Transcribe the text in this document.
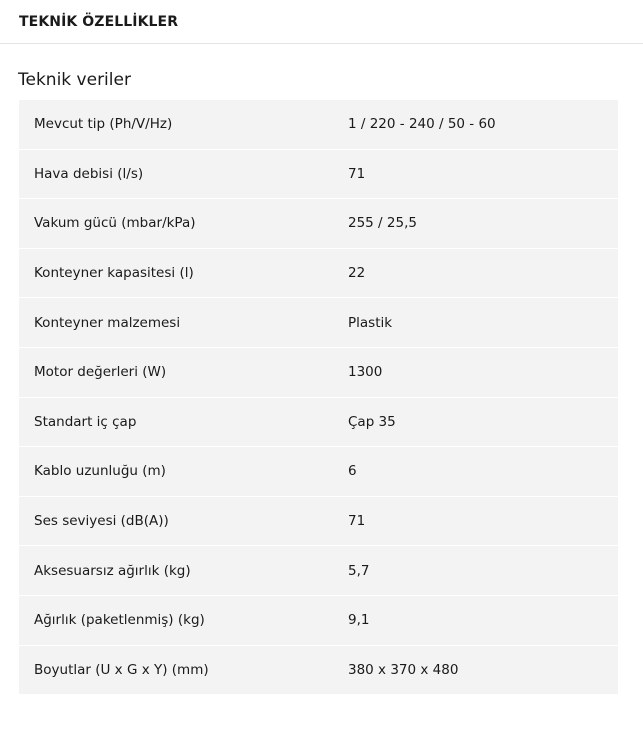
TEKNİK ÖZELLİKLER
Teknik veriler
Mevcut tip (Ph/V/Hz)	1 / 220 - 240 / 50 - 60
Hava debisi (l/s)	71
Vakum gücü (mbar/kPa)	255 / 25,5
Konteyner kapasitesi (l)	22
Konteyner malzemesi	Plastik
Motor değerleri (W)	1300
Standart iç çap	Çap 35
Kablo uzunluğu (m)	6
Ses seviyesi (dB(A))	71
Aksesuarsız ağırlık (kg)	5,7
Ağırlık (paketlenmiş) (kg)	9,1
Boyutlar (U x G x Y) (mm)	380 x 370 x 480
